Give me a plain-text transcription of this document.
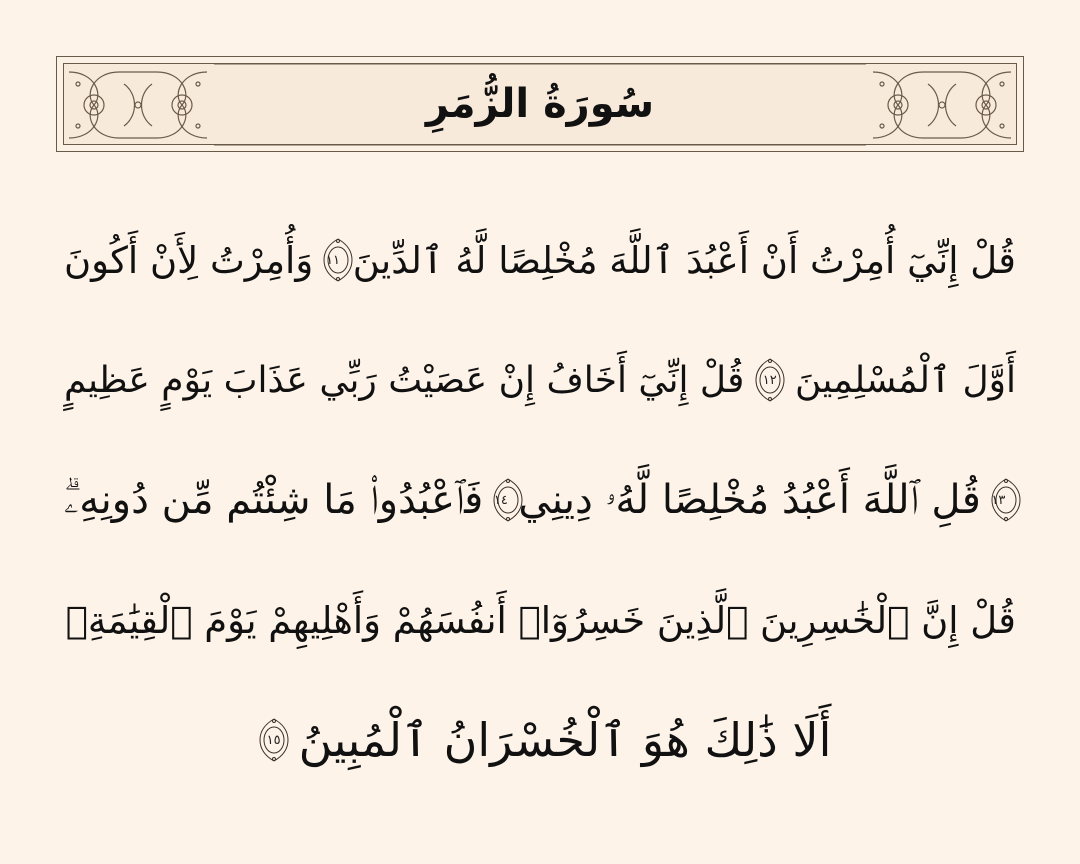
سُورَةُ الزُّمَرِ
قُلْ إِنِّيٓ أُمِرْتُ أَنْ أَعْبُدَ ٱللَّهَ مُخْلِصًا لَّهُ ٱلدِّينَ
١١
وَأُمِرْتُ لِأَنْ أَكُونَ
أَوَّلَ ٱلْمُسْلِمِينَ
١٢
قُلْ إِنِّيٓ أَخَافُ إِنْ عَصَيْتُ رَبِّي عَذَابَ يَوْمٍ عَظِيمٍ
١٣
قُلِ ٱللَّهَ أَعْبُدُ مُخْلِصًا لَّهُۥ دِينِي
١٤
فَٱعْبُدُوا۟ مَا شِئْتُم مِّن دُونِهِۦۗ
قُلْ إِنَّ ٱلْخَٰسِرِينَ ٱلَّذِينَ خَسِرُوٓا۟ أَنفُسَهُمْ وَأَهْلِيهِمْ يَوْمَ ٱلْقِيَٰمَةِۗ
أَلَا ذَٰلِكَ هُوَ ٱلْخُسْرَانُ ٱلْمُبِينُ
١٥
